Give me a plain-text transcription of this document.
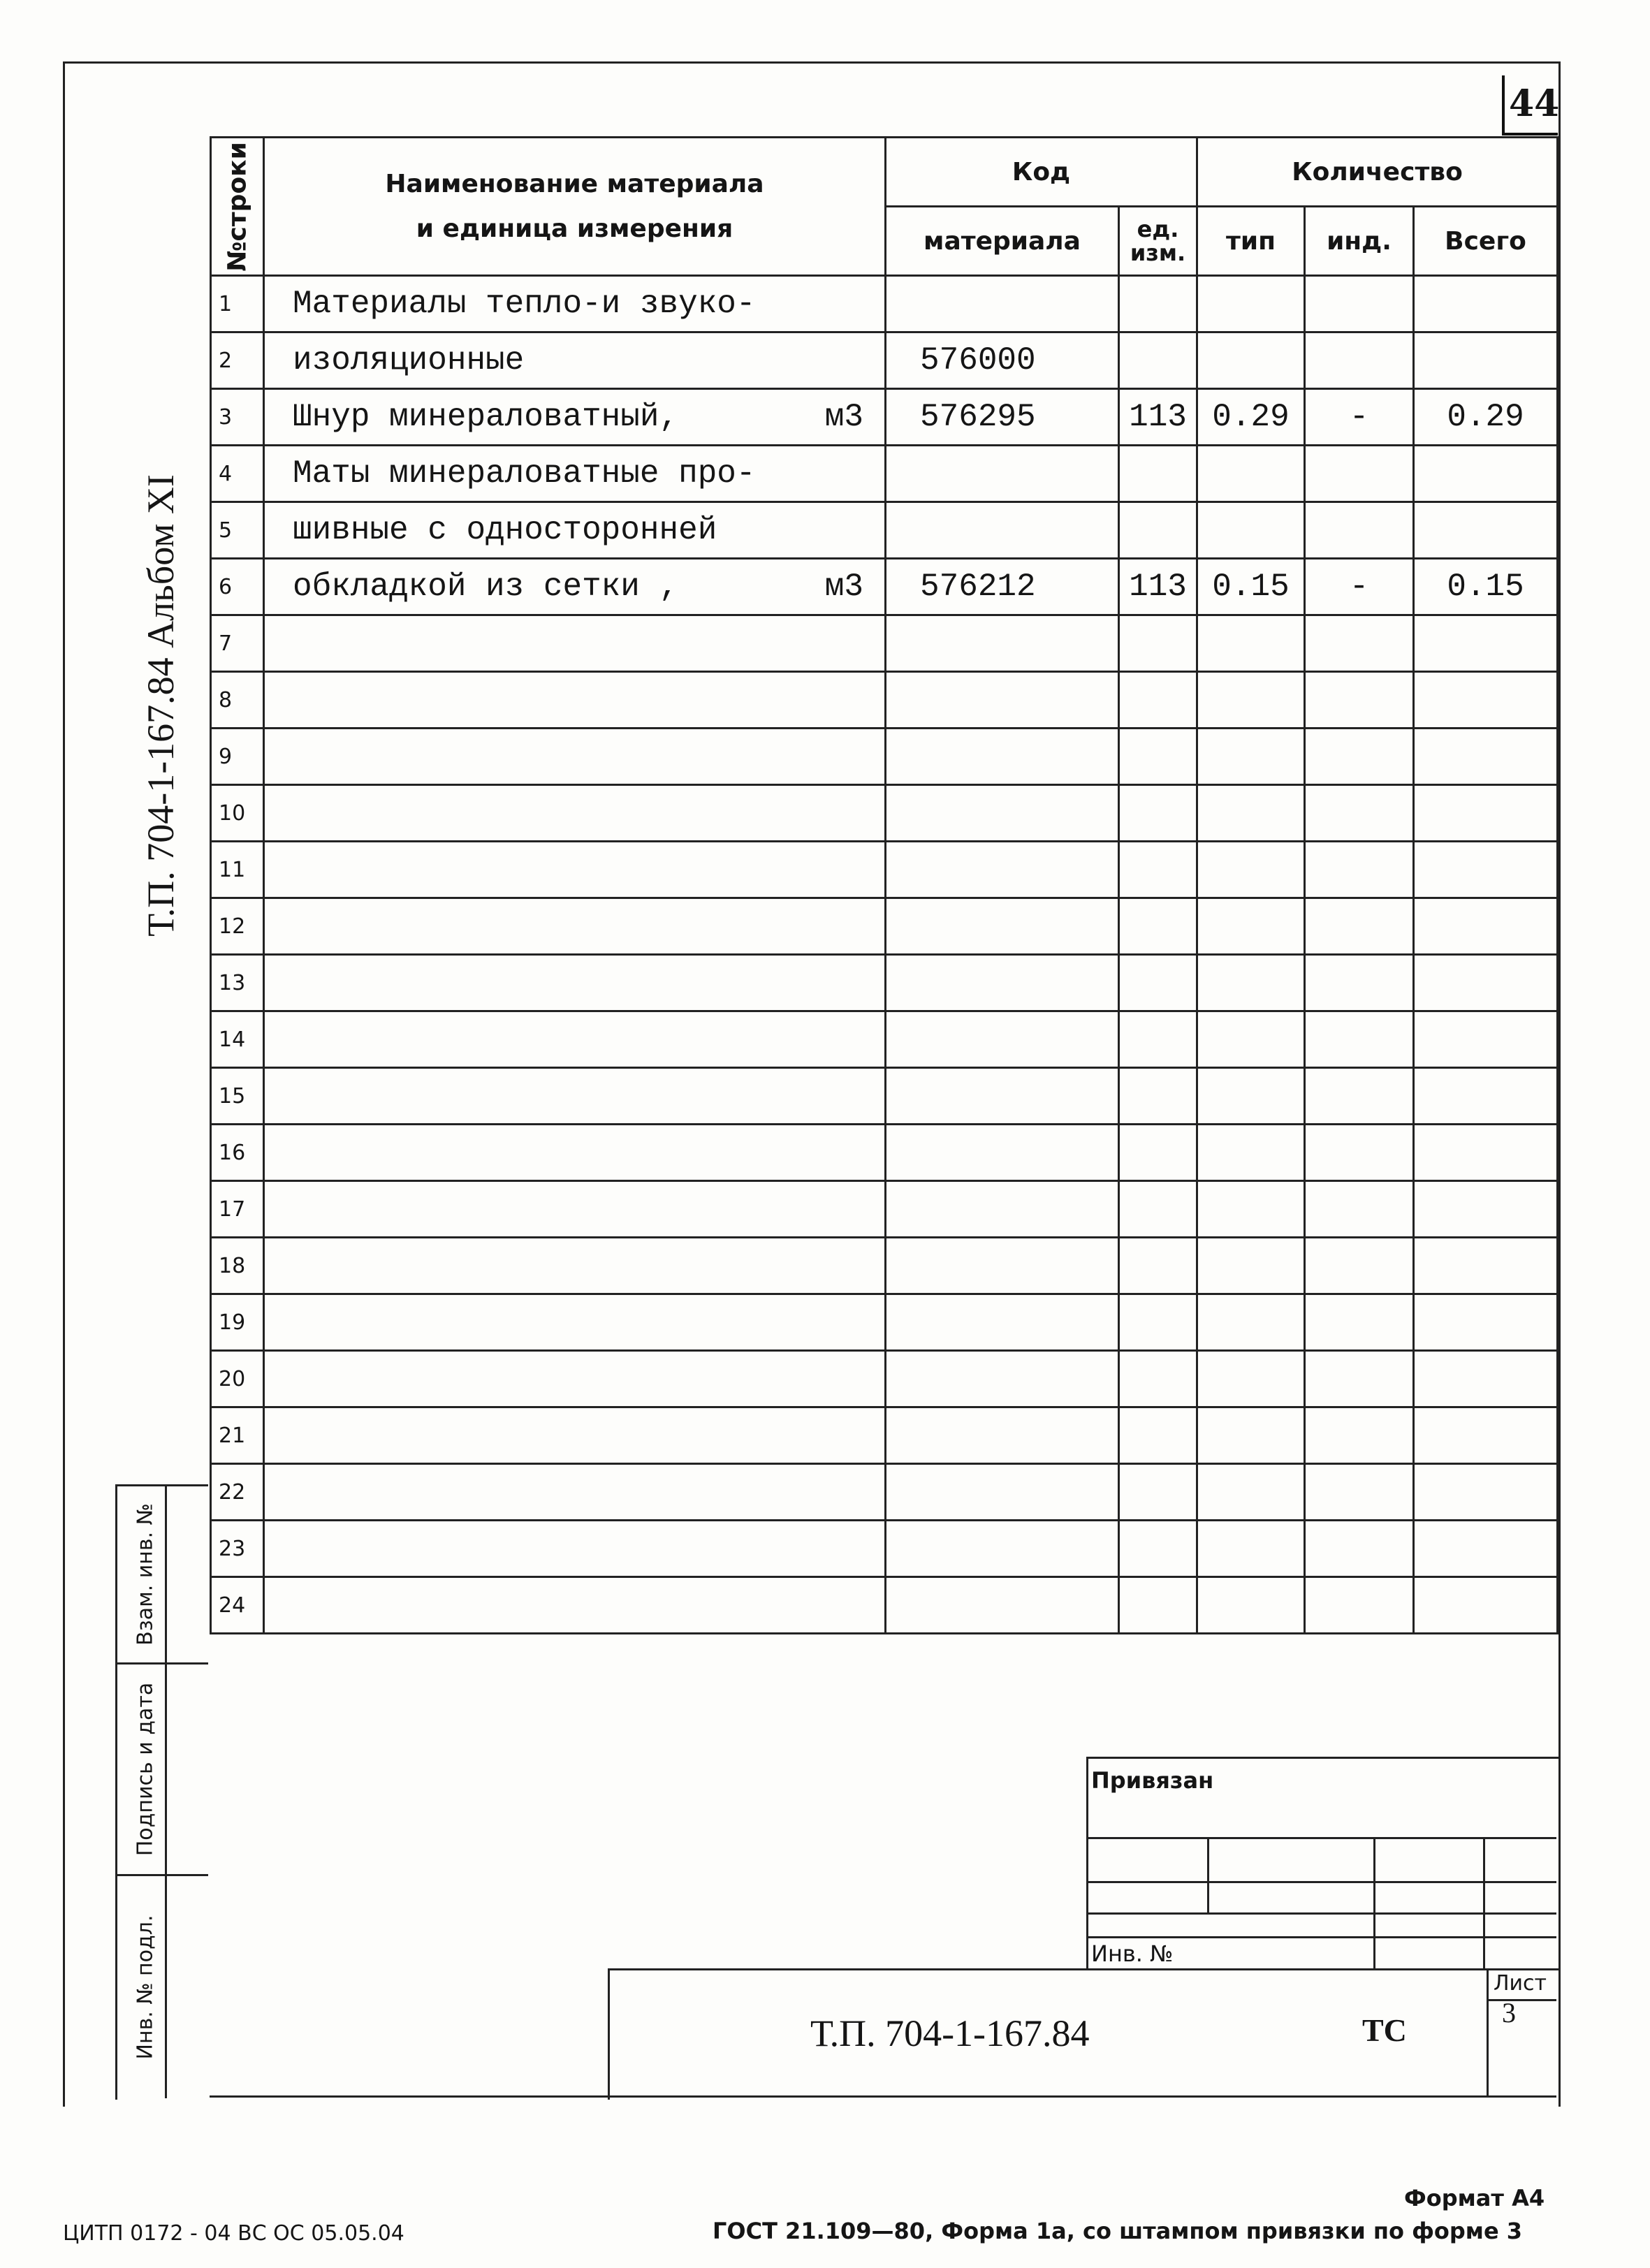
44
Т.П. 704-1-167.84 Альбом XI
№строки	Наименование материала
и единица измерения	Код		Количество		
		материала	ед. изм.	тип	инд.	Всего
1	Материалы тепло-и звуко-

2	изоляционные	576000				
3	Шнур минераловатный, м3	576295	113	0.29	-	0.29
4	Маты минераловатные про-

5	шивные с односторонней

6	обкладкой из сетки , м3	576212	113	0.15	-	0.15
7	

8	

9	

10	

11	

12	

13	

14	

15	

16	

17	

18	

19	

20	

21	

22	

23	

24	

Взам. инв. №
Подпись и дата
Инв. № подл.
Привязан
Инв. №
Т.П. 704-1-167.84	ТС
Лист
3
Формат А4
ЦИТП 0172 - 04 ВС ОС 05.05.04	ГОСТ 21.109—80, Форма 1а, со штампом привязки по форме 3
